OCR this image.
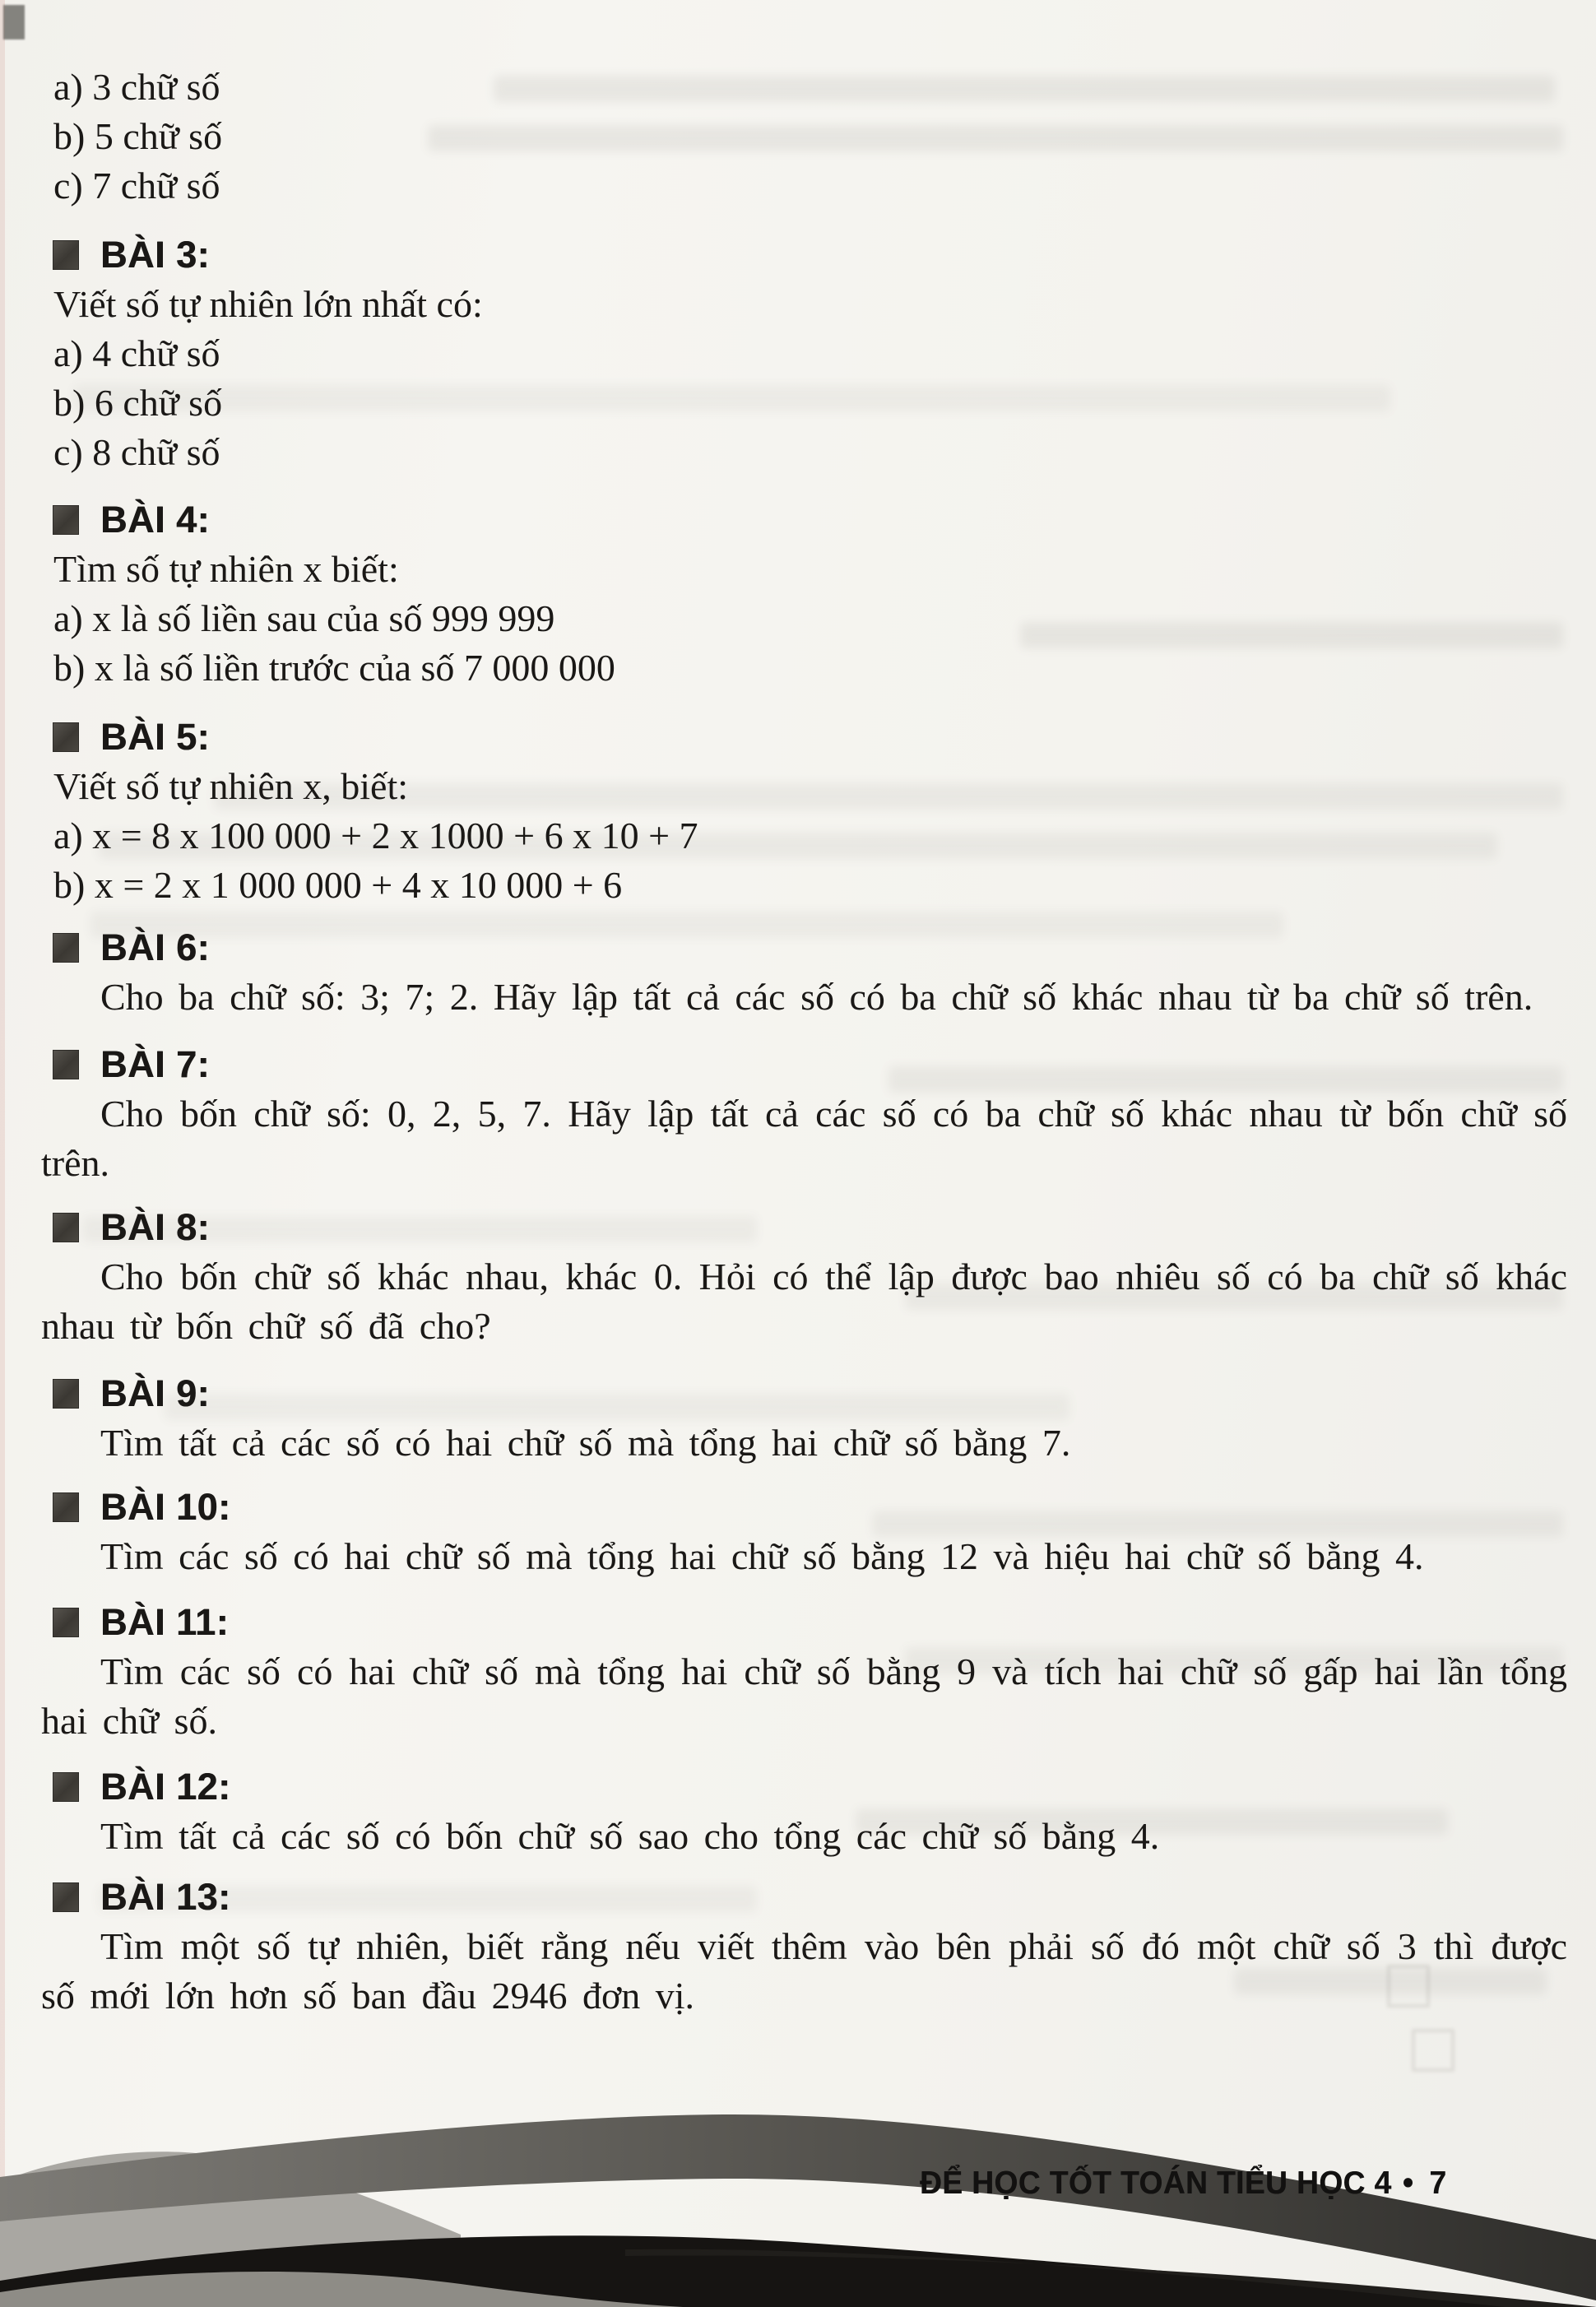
a) 3 chữ số
b) 5 chữ số
c) 7 chữ số
BÀI 3:
Viết số tự nhiên lớn nhất có:
a) 4 chữ số
b) 6 chữ số
c) 8 chữ số
BÀI 4:
Tìm số tự nhiên x biết:
a) x là số liền sau của số 999 999
b) x là số liền trước của số 7 000 000
BÀI 5:
Viết số tự nhiên x, biết:
a) x = 8 x 100 000 + 2 x 1000 + 6 x 10 + 7
b) x = 2 x 1 000 000 + 4 x 10 000 + 6
BÀI 6:

Cho ba chữ số: 3; 7; 2. Hãy lập tất cả các số có ba chữ số khác nhau từ ba chữ số trên.

BÀI 7:

Cho bốn chữ số: 0, 2, 5, 7. Hãy lập tất cả các số có ba chữ số khác nhau từ bốn chữ số trên.

BÀI 8:

Cho bốn chữ số khác nhau, khác 0. Hỏi có thể lập được bao nhiêu số có ba chữ số khác nhau từ bốn chữ số đã cho?

BÀI 9:

Tìm tất cả các số có hai chữ số mà tổng hai chữ số bằng 7.

BÀI 10:

Tìm các số có hai chữ số mà tổng hai chữ số bằng 12 và hiệu hai chữ số bằng 4.

BÀI 11:

Tìm các số có hai chữ số mà tổng hai chữ số bằng 9 và tích hai chữ số gấp hai lần tổng hai chữ số.

BÀI 12:

Tìm tất cả các số có bốn chữ số sao cho tổng các chữ số bằng 4.

BÀI 13:

Tìm một số tự nhiên, biết rằng nếu viết thêm vào bên phải số đó một chữ số 3 thì được số mới lớn hơn số ban đầu 2946 đơn vị.

ĐỂ HỌC TỐT TOÁN TIỂU HỌC 4 • 7
